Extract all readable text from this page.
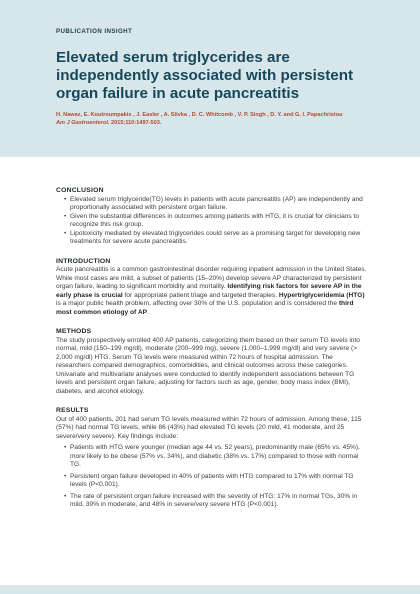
PUBLICATION INSIGHT
Elevated serum triglycerides are independently associated with persistent organ failure in acute pancreatitis
H. Nawaz, E. Koutroumpakis , J. Easler , A. Slivka , D. C. Whitcomb , V. P. Singh , D. Y. and G. I. Papachristou
Am J Gastroenterol. 2015;110:1497-503.
CONCLUSION
• Elevated serum triglyceride(TG) levels in patients with acute pancreatitis (AP) are independently and proportionally associated with persistent organ failure.
• Given the substantial differences in outcomes among patients with HTG, it is crucial for clinicians to recognize this risk group.
• Lipotoxicity mediated by elevated triglycerides could serve as a promising target for developing new treatments for severe acute pancreatitis.
INTRODUCTION

Acute pancreatitis is a common gastrointestinal disorder requiring inpatient admission in the United States. While most cases are mild, a subset of patients (15–20%) develop severe AP characterized by persistent organ failure, leading to significant morbidity and mortality. Identifying risk factors for severe AP in the early phase is crucial for appropriate patient triage and targeted therapies. Hypertriglyceridemia (HTG) is a major public health problem, affecting over 30% of the U.S. population and is considered the third most common etiology of AP.

METHODS

The study prospectively enrolled 400 AP patients, categorizing them based on their serum TG levels into normal, mild (150–199 mg/dl), moderate (200–999 mg), severe (1,000–1,999 mg/dl) and very severe (> 2,000 mg/dl) HTG. Serum TG levels were measured within 72 hours of hospital admission. The researchers compared demographics, comorbidities, and clinical outcomes across these categories. Univariate and multivariate analyses were conducted to identify independent associations between TG levels and persistent organ failure, adjusting for factors such as age, gender, body mass index (BMI), diabetes, and alcohol etiology.

RESULTS

Out of 400 patients, 201 had serum TG levels measured within 72 hours of admission. Among these, 115 (57%) had normal TG levels, while 86 (43%) had elevated TG levels (20 mild, 41 moderate, and 25 severe/very severe). Key findings include:

• Patients with HTG were younger (median age 44 vs. 52 years), predominantly male (65% vs. 45%), more likely to be obese (57% vs. 34%), and diabetic (38% vs. 17%) compared to those with normal TG.
• Persistent organ failure developed in 40% of patients with HTG compared to 17% with normal TG levels (P<0.001).
• The rate of persistent organ failure increased with the severity of HTG: 17% in normal TGs, 30% in mild, 39% in moderate, and 48% in severe/very severe HTG (P<0.001).
